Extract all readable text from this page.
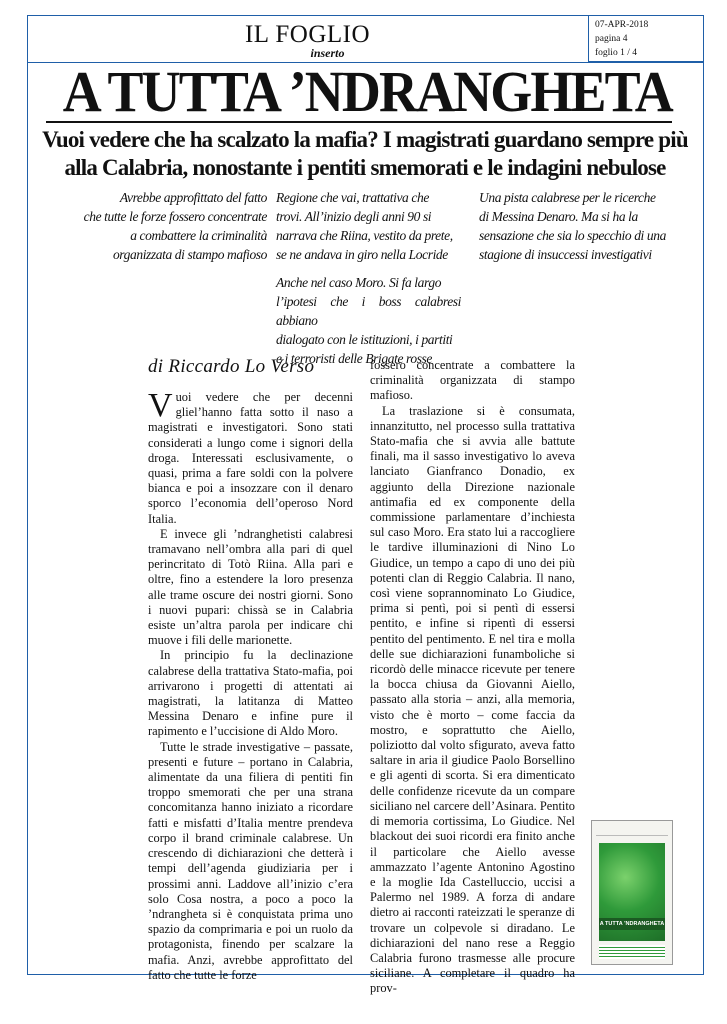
IL FOGLIO
inserto
07-APR-2018
pagina 4
foglio 1 / 4
A TUTTA ’NDRANGHETA
Vuoi vedere che ha scalzato la mafia? I magistrati guardano sempre più
alla Calabria, nonostante i pentiti smemorati e le indagini nebulose
Avrebbe approfittato del fatto
che tutte le forze fossero concentrate
a combattere la criminalità
organizzata di stampo mafioso
Regione che vai, trattativa che
trovi. All’inizio degli anni 90 si
narrava che Riina, vestito da prete,
se ne andava in giro nella Locride
Anche nel caso Moro. Si fa largo
l’ipotesi che i boss calabresi abbiano
dialogato con le istituzioni, i partiti
e i terroristi delle Brigate rosse
Una pista calabrese per le ricerche
di Messina Denaro. Ma si ha la
sensazione che sia lo specchio di una
stagione di insuccessi investigativi
di Riccardo Lo Verso

Vuoi vedere che per decenni gliel’hanno fatta sotto il naso a magistrati e investigatori. Sono stati considerati a lungo come i signori della droga. Interessati esclusivamente, o quasi, prima a fare soldi con la polvere bianca e poi a insozzare con il denaro sporco l’economia dell’operoso Nord Italia.

E invece gli ’ndranghetisti calabresi tramavano nell’ombra alla pari di quel perincritato di Totò Riina. Alla pari e oltre, fino a estendere la loro presenza alle trame oscure dei nostri giorni. Sono i nuovi pupari: chissà se in Calabria esiste un’altra parola per indicare chi muove i fili delle marionette.

In principio fu la declinazione calabrese della trattativa Stato-mafia, poi arrivarono i progetti di attentati ai magistrati, la latitanza di Matteo Messina Denaro e infine pure il rapimento e l’uccisione di Aldo Moro.

Tutte le strade investigative – passate, presenti e future – portano in Calabria, alimentate da una filiera di pentiti fin troppo smemorati che per una strana concomitanza hanno iniziato a ricordare fatti e misfatti d’Italia mentre prendeva corpo il brand criminale calabrese. Un crescendo di dichiarazioni che detterà i tempi dell’agenda giudiziaria per i prossimi anni. Laddove all’inizio c’era solo Cosa nostra, a poco a poco la ’ndrangheta si è conquistata prima uno spazio da comprimaria e poi un ruolo da protagonista, finendo per scalzare la mafia. Anzi, avrebbe approfittato del fatto che tutte le forze

fossero concentrate a combattere la criminalità organizzata di stampo mafioso.

La traslazione si è consumata, innanzitutto, nel processo sulla trattativa Stato-mafia che si avvia alle battute finali, ma il sasso investigativo lo aveva lanciato Gianfranco Donadio, ex aggiunto della Direzione nazionale antimafia ed ex componente della commissione parlamentare d’inchiesta sul caso Moro. Era stato lui a raccogliere le tardive illuminazioni di Nino Lo Giudice, un tempo a capo di uno dei più potenti clan di Reggio Calabria. Il nano, così viene soprannominato Lo Giudice, prima si pentì, poi si pentì di essersi pentito, e infine si ripentì di essersi pentito del pentimento. E nel tira e molla delle sue dichiarazioni funamboliche si ricordò delle minacce ricevute per tenere la bocca chiusa da Giovanni Aiello, passato alla storia – anzi, alla memoria, visto che è morto – come faccia da mostro, e soprattutto che Aiello, poliziotto dal volto sfigurato, aveva fatto saltare in aria il giudice Paolo Borsellino e gli agenti di scorta. Si era dimenticato delle confidenze ricevute da un compare siciliano nel carcere dell’Asinara. Pentito di memoria cortissima, Lo Giudice. Nel blackout dei suoi ricordi era finito anche il particolare che Aiello avesse ammazzato l’agente Antonino Agostino e la moglie Ida Castelluccio, uccisi a Palermo nel 1989. A forza di andare dietro ai racconti rateizzati le speranze di trovare un colpevole si diradano. Le dichiarazioni del nano rese a Reggio Calabria furono trasmesse alle procure siciliane. A completare il quadro ha prov-

A TUTTA ’NDRANGHETA
